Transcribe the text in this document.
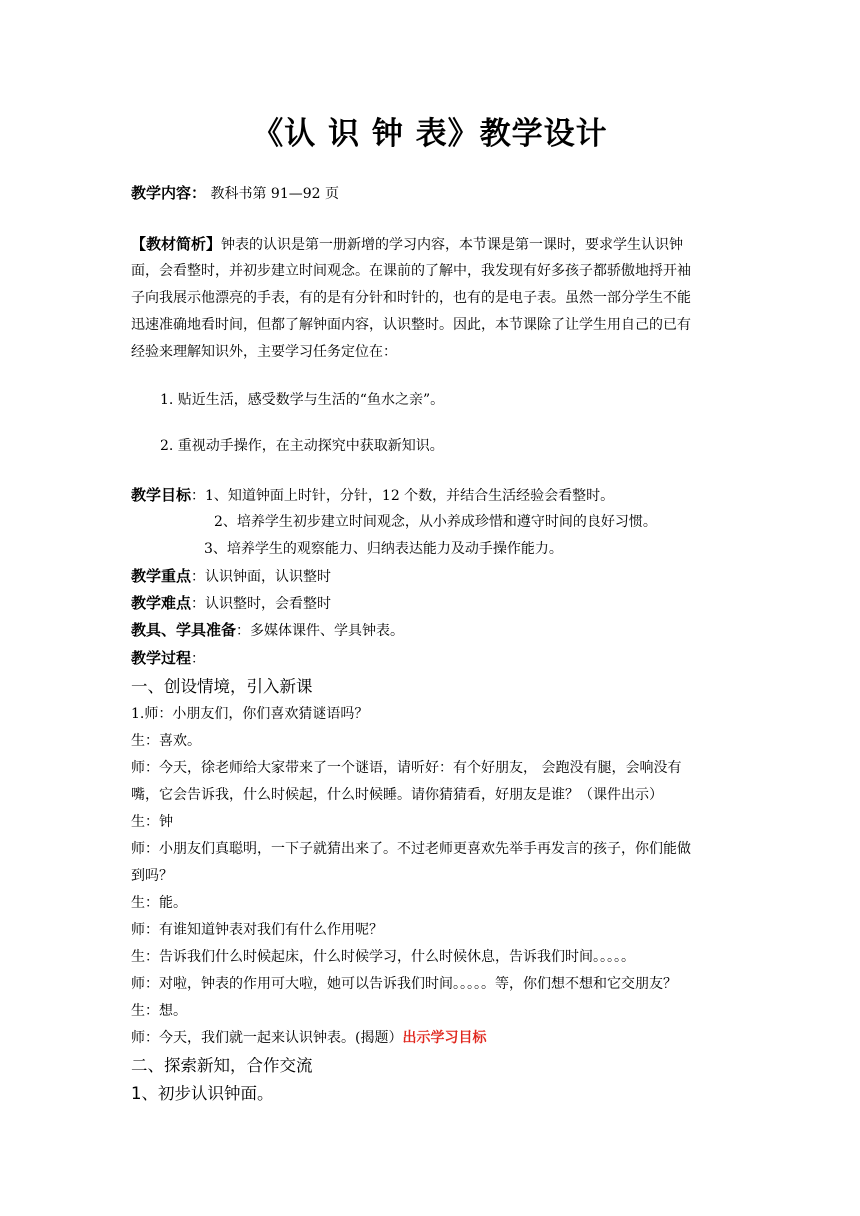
《认 识 钟 表》教学设计
教学内容： 教科书第 91—92 页
【教材简析】钟表的认识是第一册新增的学习内容，本节课是第一课时，要求学生认识钟
面，会看整时，并初步建立时间观念。在课前的了解中，我发现有好多孩子都骄傲地捋开袖
子向我展示他漂亮的手表，有的是有分针和时针的，也有的是电子表。虽然一部分学生不能
迅速准确地看时间，但都了解钟面内容，认识整时。因此，本节课除了让学生用自己的已有
经验来理解知识外，主要学习任务定位在：
1. 贴近生活，感受数学与生活的“鱼水之亲”。
2. 重视动手操作，在主动探究中获取新知识。
教学目标：1、知道钟面上时针，分针，12 个数，并结合生活经验会看整时。
2、培养学生初步建立时间观念，从小养成珍惜和遵守时间的良好习惯。
3、培养学生的观察能力、归纳表达能力及动手操作能力。
教学重点：认识钟面，认识整时
教学难点：认识整时，会看整时
教具、学具准备：多媒体课件、学具钟表。
教学过程：
一、创设情境，引入新课
1.师：小朋友们，你们喜欢猜谜语吗？
生：喜欢。
师：今天，徐老师给大家带来了一个谜语，请听好：有个好朋友， 会跑没有腿，会响没有
嘴，它会告诉我，什么时候起，什么时候睡。请你猜猜看，好朋友是谁？（课件出示）
生：钟
师：小朋友们真聪明，一下子就猜出来了。不过老师更喜欢先举手再发言的孩子，你们能做
到吗？
生：能。
师：有谁知道钟表对我们有什么作用呢？
生：告诉我们什么时候起床，什么时候学习，什么时候休息，告诉我们时间。。。。。
师：对啦，钟表的作用可大啦，她可以告诉我们时间。。。。。等，你们想不想和它交朋友？
生：想。
师：今天，我们就一起来认识钟表。(揭题）出示学习目标
二、探索新知，合作交流
1、初步认识钟面。
